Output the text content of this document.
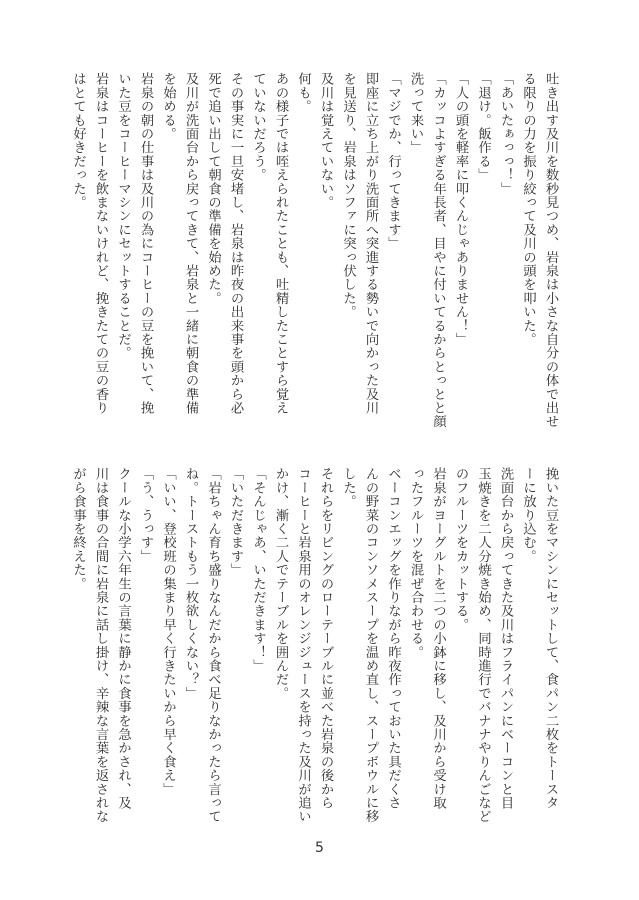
吐き出す及川を数秒見つめ、岩泉は小さな自分の体で出せ
る限りの力を振り絞って及川の頭を叩いた。
「あいたぁっっ！」
「退け。飯作る」
「人の頭を軽率に叩くんじゃありません！」
「カッコよすぎる年長者、目やに付いてるからとっとと顔
洗って来い」
「マジでか、行ってきます」
即座に立ち上がり洗面所へ突進する勢いで向かった及川
を見送り、岩泉はソファに突っ伏した。
及川は覚えていない。
何も。
あの様子では咥えられたことも、吐精したことすら覚え
ていないだろう。
その事実に一旦安堵し、岩泉は昨夜の出来事を頭から必
死で追い出して朝食の準備を始めた。
及川が洗面台から戻ってきて、岩泉と一緒に朝食の準備
を始める。
岩泉の朝の仕事は及川の為にコーヒーの豆を挽いて、挽
いた豆をコーヒーマシンにセットすることだ。
岩泉はコーヒーを飲まないけれど、挽きたての豆の香り
はとても好きだった。
挽いた豆をマシンにセットして、食パン二枚をトースタ
ーに放り込む。
洗面台から戻ってきた及川はフライパンにベーコンと目
玉焼きを二人分焼き始め、同時進行でバナナやりんごなど
のフルーツをカットする。
岩泉がヨーグルトを二つの小鉢に移し、及川から受け取
ったフルーツを混ぜ合わせる。
ベーコンエッグを作りながら昨夜作っておいた具だくさ
んの野菜のコンソメスープを温め直し、スープボウルに移
した。
それらをリビングのローテーブルに並べた岩泉の後から
コーヒーと岩泉用のオレンジジュースを持った及川が追い
かけ、漸く二人でテーブルを囲んだ。
「そんじゃあ、いただきます！」
「いただきます」
「岩ちゃん育ち盛りなんだから食べ足りなかったら言って
ね。トーストもう一枚欲しくない？」
「いい、登校班の集まり早く行きたいから早く食え」
「う、うっす」
クールな小学六年生の言葉に静かに食事を急かされ、及
川は食事の合間に岩泉に話し掛け、辛辣な言葉を返されな
がら食事を終えた。
5
